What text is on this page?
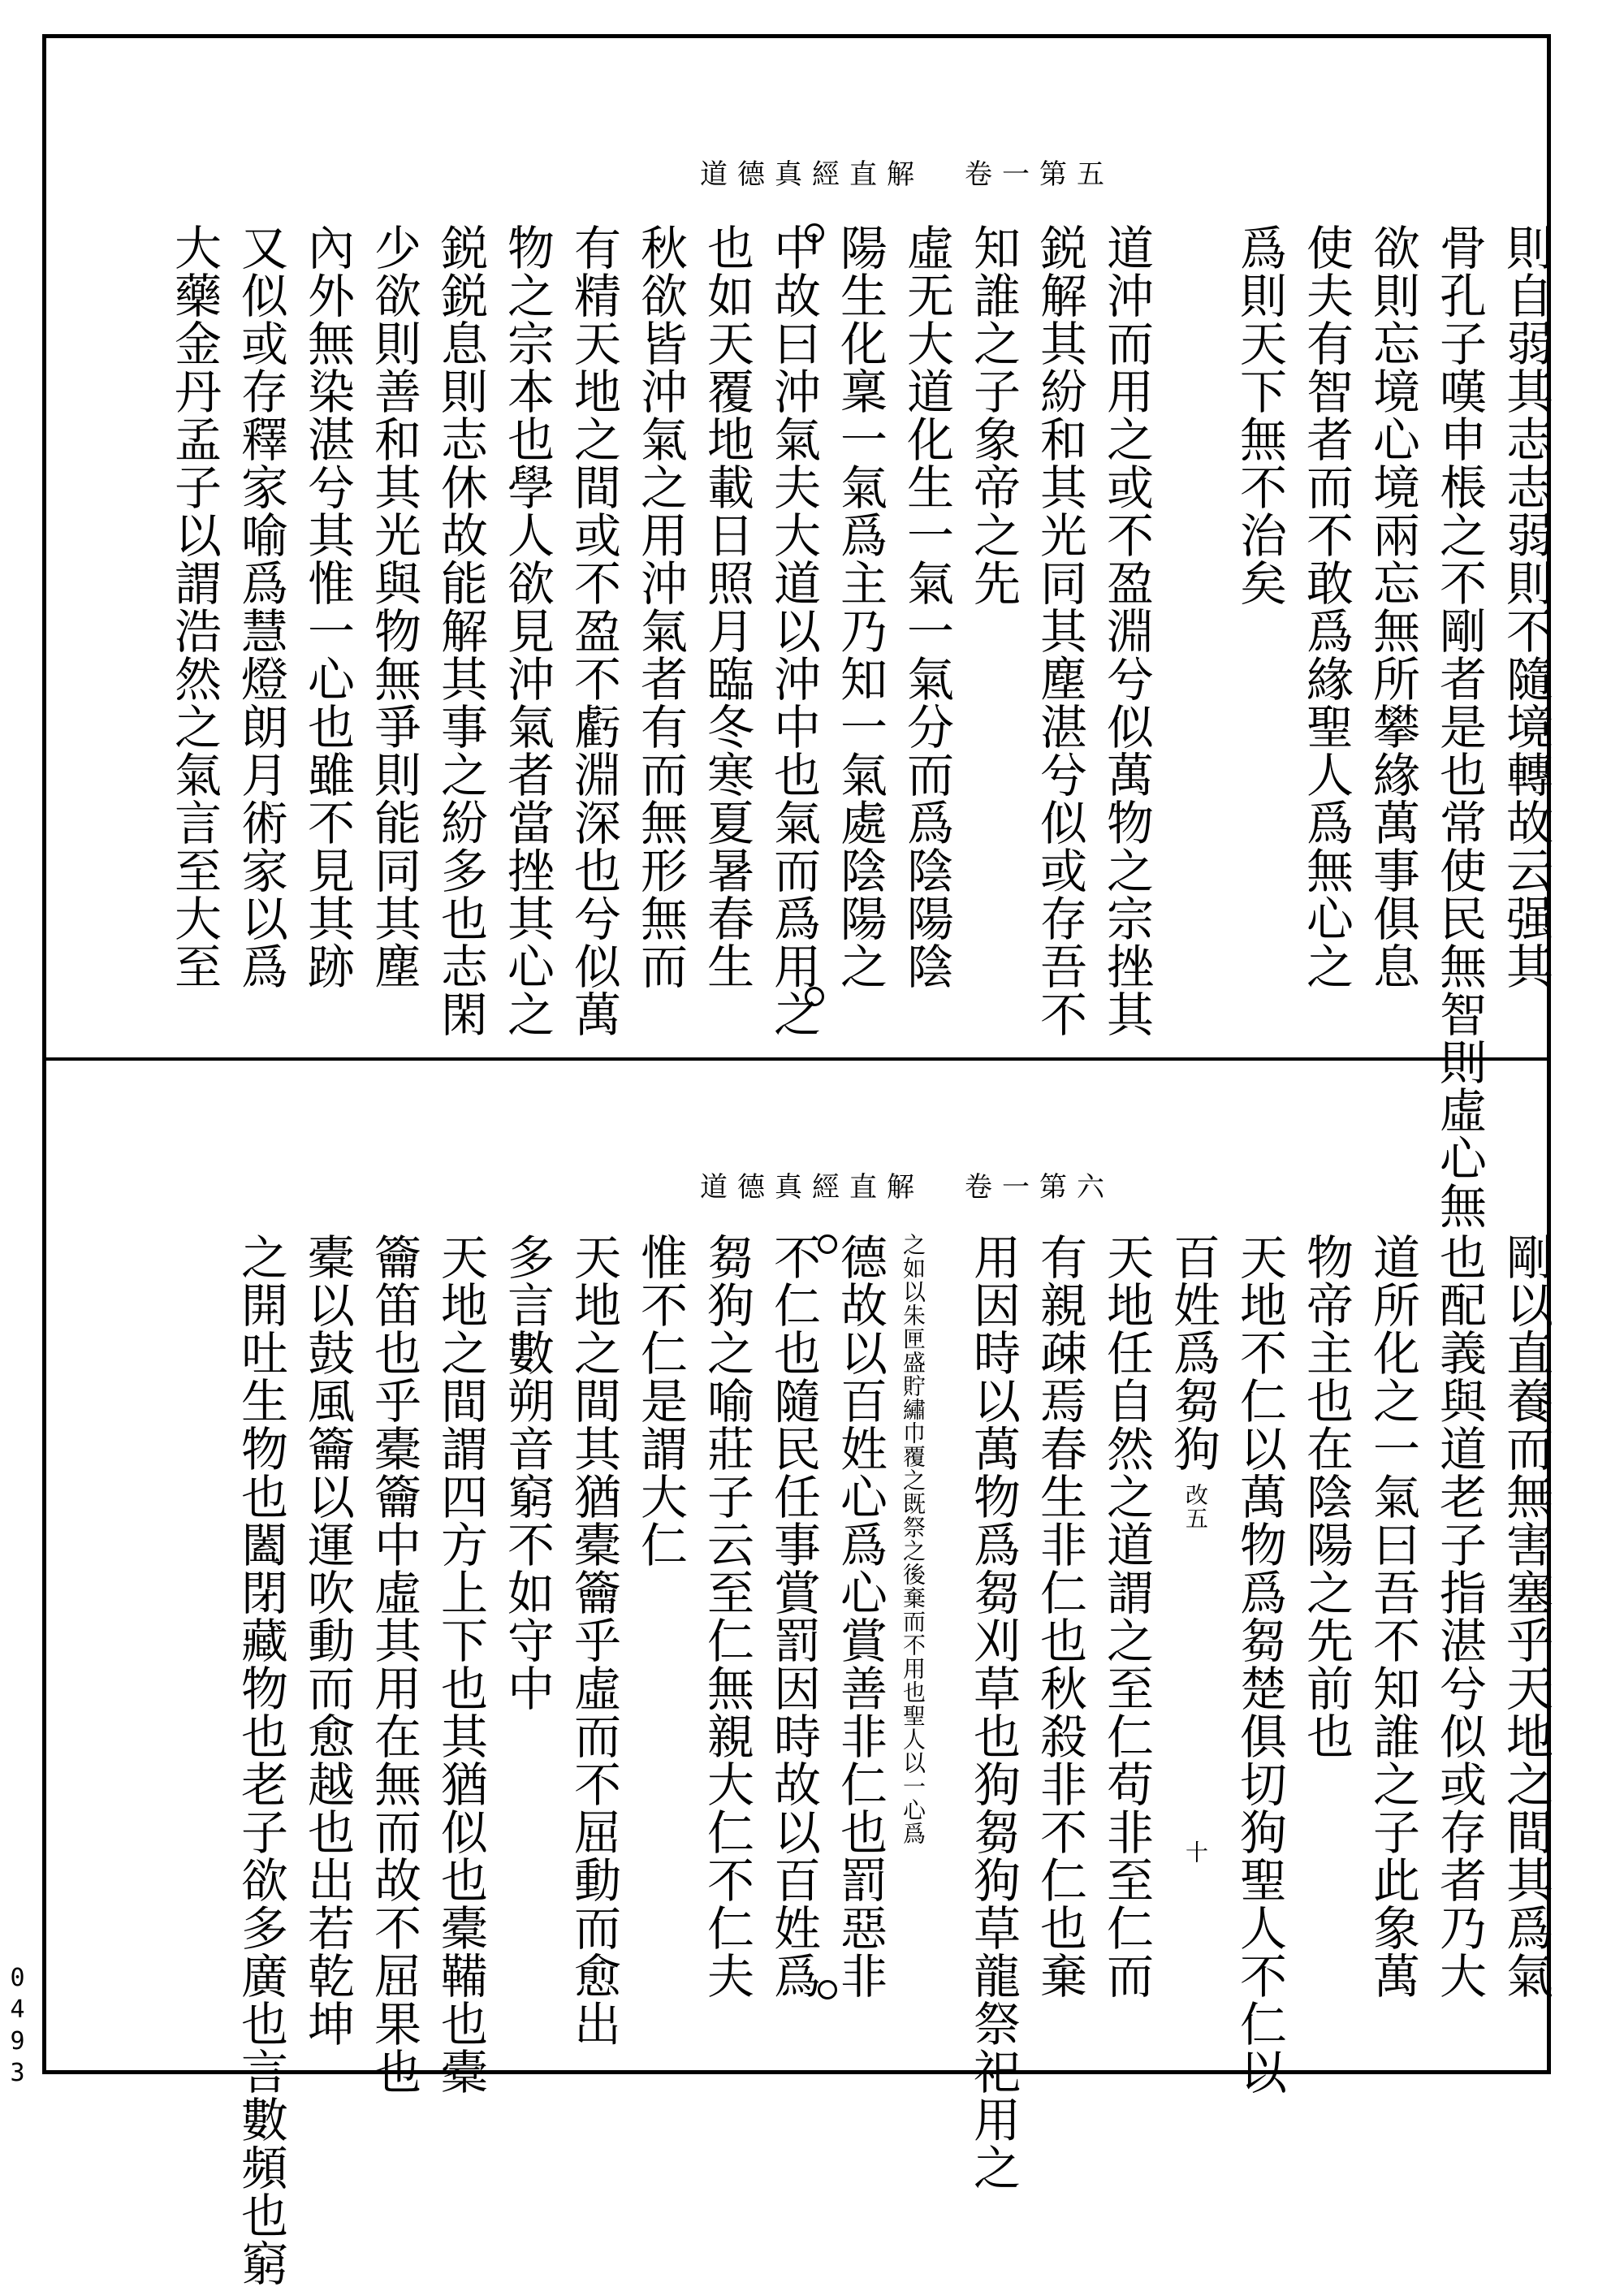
道德真經直解 卷一第五
則自弱其志志弱則不隨境轉故云强其
骨孔子嘆申棖之不剛者是也常使民無智則虛心無
欲則忘境心境兩忘無所攀緣萬事俱息
使夫有智者而不敢爲緣聖人爲無心之
爲則天下無不治矣
道沖而用之或不盈淵兮似萬物之宗挫其
鋭解其紛和其光同其塵湛兮似或存吾不
知誰之子象帝之先
虛无大道化生一氣一氣分而爲陰陽陰
陽生化稟一氣爲主乃知一氣處陰陽之
中故曰沖氣夫大道以沖中也氣而爲用之
也如天覆地載日照月臨冬寒夏暑春生
秋欲皆沖氣之用沖氣者有而無形無而
有精天地之間或不盈不虧淵深也兮似萬
物之宗本也學人欲見沖氣者當挫其心之
鋭鋭息則志休故能解其事之紛多也志閑
少欲則善和其光與物無爭則能同其塵
內外無染湛兮其惟一心也雖不見其跡
又似或存釋家喻爲慧燈朗月術家以爲
大藥金丹孟子以謂浩然之氣言至大至
道德真經直解 卷一第六
剛以直養而無害塞乎天地之間其爲氣
也配義與道老子指湛兮似或存者乃大
道所化之一氣曰吾不知誰之子此象萬
物帝主也在陰陽之先前也
天地不仁以萬物爲芻楚俱切狗聖人不仁以
百姓爲芻狗
天地任自然之道謂之至仁苟非至仁而
有親疎焉春生非仁也秋殺非不仁也棄
用因時以萬物爲芻刈草也狗芻狗草龍祭祀用之
之如以朱匣盛貯繡巾覆之既祭之後棄而不用也聖人以一心爲
德故以百姓心爲心賞善非仁也罰惡非
不仁也隨民任事賞罰因時故以百姓爲
芻狗之喻莊子云至仁無親大仁不仁夫
惟不仁是謂大仁
天地之間其猶橐籥乎虛而不屈動而愈出
多言數朔音窮不如守中
天地之間謂四方上下也其猶似也橐鞴也橐
籥笛也乎橐籥中虛其用在無而故不屈果也
橐以鼓風籥以運吹動而愈越也出若乾坤
之開吐生物也闔閉藏物也老子欲多廣也言數頻也窮	改五
十
0493
